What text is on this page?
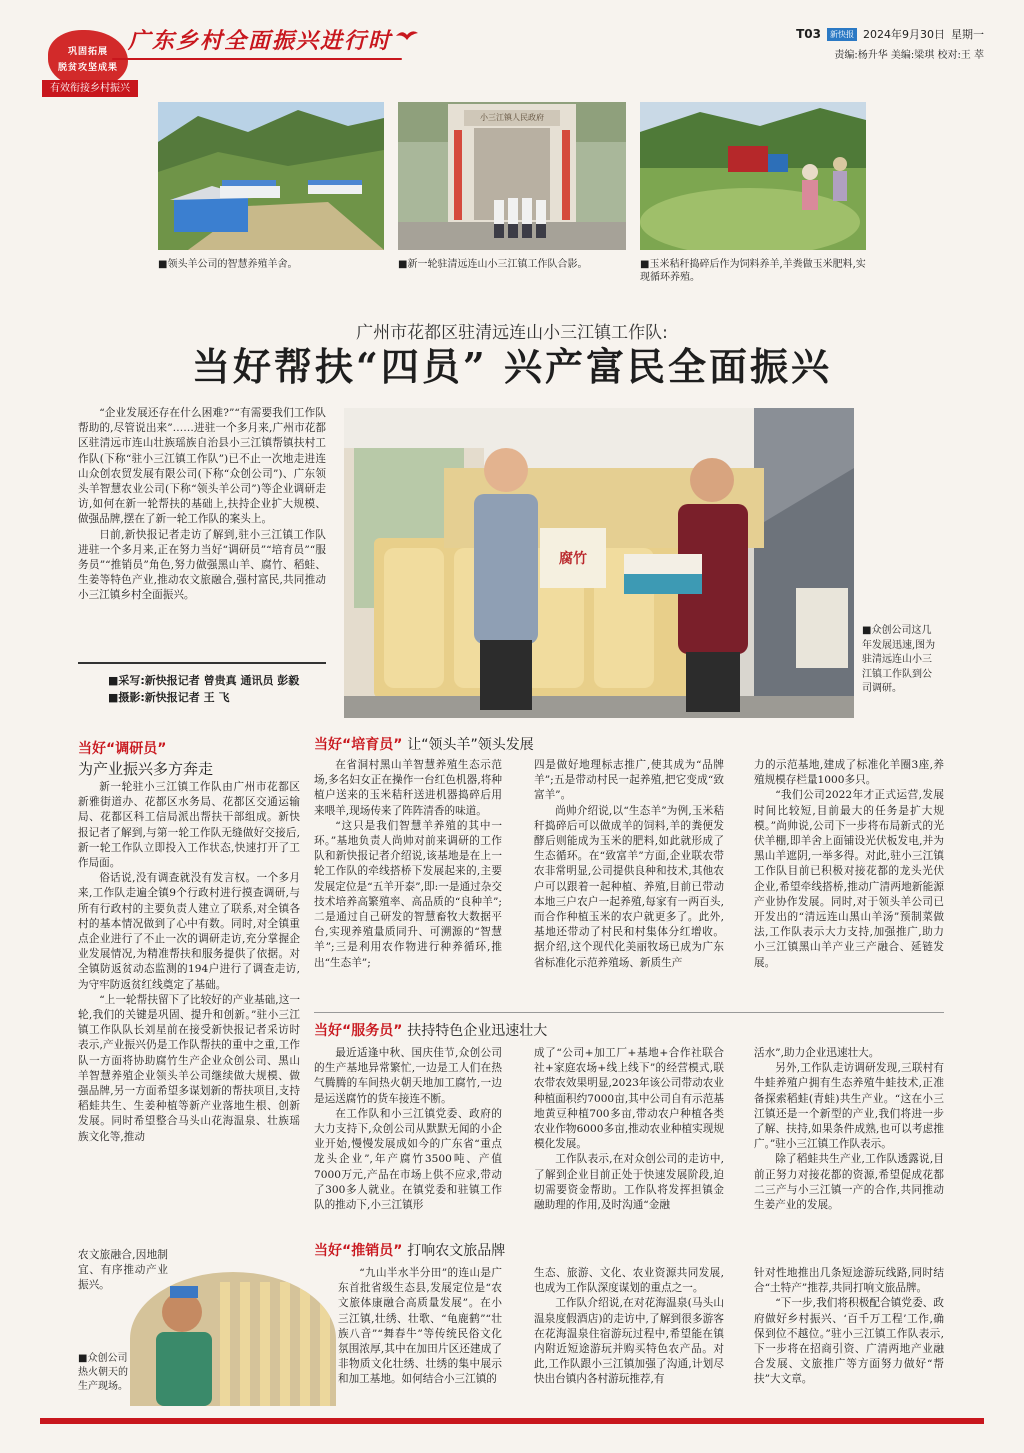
巩固拓展
脱贫攻坚成果
广东乡村全面振兴进行时
有效衔接乡村振兴
T03	新快报 2024年9月30日 星期一
责编:杨升华 美编:梁琪 校对:王 萃
■领头羊公司的智慧养殖羊舍。
小三江镇人民政府
■新一轮驻清远连山小三江镇工作队合影。	■玉米秸秆捣碎后作为饲料养羊,羊粪做玉米肥料,实现循环养殖。
广州市花都区驻清远连山小三江镇工作队:
当好帮扶“四员” 兴产富民全面振兴

“企业发展还存在什么困难?”“有需要我们工作队帮助的,尽管说出来”……进驻一个多月来,广州市花都区驻清远市连山壮族瑶族自治县小三江镇帮镇扶村工作队(下称“驻小三江镇工作队”)已不止一次地走进连山众创农贸发展有限公司(下称“众创公司”)、广东领头羊智慧农业公司(下称“领头羊公司”)等企业调研走访,如何在新一轮帮扶的基础上,扶持企业扩大规模、做强品牌,摆在了新一轮工作队的案头上。

日前,新快报记者走访了解到,驻小三江镇工作队进驻一个多月来,正在努力当好“调研员”“培育员”“服务员”“推销员”角色,努力做强黑山羊、腐竹、稻蛙、生姜等特色产业,推动农文旅融合,强村富民,共同推动小三江镇乡村全面振兴。

■采写:新快报记者 曾贵真 通讯员 彭毅
■摄影:新快报记者 王 飞
腐竹
■众创公司这几年发展迅速,图为驻清远连山小三江镇工作队到公司调研。
当好“调研员”
为产业振兴多方奔走

新一轮驻小三江镇工作队由广州市花都区新雅街道办、花都区水务局、花都区交通运输局、花都区科工信局派出帮扶干部组成。新快报记者了解到,与第一轮工作队无缝做好交接后,新一轮工作队立即投入工作状态,快速打开了工作局面。

俗话说,没有调查就没有发言权。一个多月来,工作队走遍全镇9个行政村进行摸查调研,与所有行政村的主要负责人建立了联系,对全镇各村的基本情况做到了心中有数。同时,对全镇重点企业进行了不止一次的调研走访,充分掌握企业发展情况,为精准帮扶和服务提供了依据。对全镇防返贫动态监测的194户进行了调查走访,为守牢防返贫红线奠定了基础。

“上一轮帮扶留下了比较好的产业基础,这一轮,我们的关键是巩固、提升和创新。”驻小三江镇工作队队长刘星前在接受新快报记者采访时表示,产业振兴仍是工作队帮扶的重中之重,工作队一方面将协助腐竹生产企业众创公司、黑山羊智慧养殖企业领头羊公司继续做大规模、做强品牌,另一方面希望多谋划新的帮扶项目,支持稻蛙共生、生姜种植等新产业落地生根、创新发展。同时希望整合马头山花海温泉、壮族瑶族文化等,推动

农文旅融合,因地制宜、有序推动产业振兴。

■众创公司热火朝天的生产现场。
当好“培育员” 让“领头羊”领头发展

在省洞村黑山羊智慧养殖生态示范场,多名妇女正在操作一台红色机器,将种植户送来的玉米秸秆送进机器捣碎后用来喂羊,现场传来了阵阵清香的味道。

“这只是我们智慧羊养殖的其中一环。”基地负责人尚帅对前来调研的工作队和新快报记者介绍说,该基地是在上一轮工作队的牵线搭桥下发展起来的,主要发展定位是“五羊开泰”,即:一是通过杂交技术培养高繁殖率、高品质的“良种羊”;二是通过自己研发的智慧畜牧大数据平台,实现养殖量质同升、可溯源的“智慧羊”;三是利用农作物进行种养循环,推出“生态羊”;

四是做好地理标志推广,使其成为“品牌羊”;五是带动村民一起养殖,把它变成“致富羊”。

尚帅介绍说,以“生态羊”为例,玉米秸秆捣碎后可以做成羊的饲料,羊的粪便发酵后则能成为玉米的肥料,如此就形成了生态循环。在“致富羊”方面,企业联农带农非常明显,公司提供良种和技术,其他农户可以跟着一起种植、养殖,目前已带动本地三户农户一起养殖,每家有一两百头,而合作种植玉米的农户就更多了。此外,基地还带动了村民和村集体分红增收。据介绍,这个现代化美丽牧场已成为广东省标准化示范养殖场、新质生产

力的示范基地,建成了标准化羊圈3座,养殖规模存栏量1000多只。

“我们公司2022年才正式运营,发展时间比较短,目前最大的任务是扩大规模。”尚帅说,公司下一步将布局新式的光伏羊棚,即羊舍上面铺设光伏板发电,并为黑山羊遮阴,一举多得。对此,驻小三江镇工作队目前已积极对接花都的龙头光伏企业,希望牵线搭桥,推动广清两地新能源产业协作发展。同时,对于领头羊公司已开发出的“清远连山黑山羊汤”预制菜做法,工作队表示大力支持,加强推广,助力小三江镇黑山羊产业三产融合、延链发展。

当好“服务员” 扶持特色企业迅速壮大

最近适逢中秋、国庆佳节,众创公司的生产基地异常繁忙,一边是工人们在热气腾腾的车间热火朝天地加工腐竹,一边是运送腐竹的货车接连不断。

在工作队和小三江镇党委、政府的大力支持下,众创公司从默默无闻的小企业开始,慢慢发展成如今的广东省“重点龙头企业”,年产腐竹3500吨、产值7000万元,产品在市场上供不应求,带动了300多人就业。在镇党委和驻镇工作队的推动下,小三江镇形

成了“公司+加工厂+基地+合作社联合社+家庭农场+线上线下”的经营模式,联农带农效果明显,2023年该公司带动农业种植面积约7000亩,其中公司自有示范基地黄豆种植700多亩,带动农户种植各类农业作物6000多亩,推动农业种植实现规模化发展。

工作队表示,在对众创公司的走访中,了解到企业目前正处于快速发展阶段,迫切需要资金帮助。工作队将发挥担镇金融助理的作用,及时沟通“金融

活水”,助力企业迅速壮大。

另外,工作队走访调研发现,三联村有牛蛙养殖户拥有生态养殖牛蛙技术,正准备探索稻蛙(青蛙)共生产业。“这在小三江镇还是一个新型的产业,我们将进一步了解、扶持,如果条件成熟,也可以考虑推广。”驻小三江镇工作队表示。

除了稻蛙共生产业,工作队透露说,目前正努力对接花都的资源,希望促成花都二三产与小三江镇一产的合作,共同推动生姜产业的发展。

当好“推销员” 打响农文旅品牌

“九山半水半分田”的连山是广东首批省级生态县,发展定位是“农文旅体康融合高质量发展”。在小三江镇,壮绣、壮歌、“龟鹿鹤”“壮族八音”“舞春牛”等传统民俗文化氛围浓厚,其中在加田片区还建成了非物质文化壮绣、壮绣的集中展示和加工基地。如何结合小三江镇的

生态、旅游、文化、农业资源共同发展,也成为工作队深度谋划的重点之一。

工作队介绍说,在对花海温泉(马头山温泉度假酒店)的走访中,了解到很多游客在花海温泉住宿游玩过程中,希望能在镇内附近短途游玩并购买特色农产品。对此,工作队跟小三江镇加强了沟通,计划尽快出台镇内各村游玩推荐,有

针对性地推出几条短途游玩线路,同时结合“土特产”推荐,共同打响文旅品牌。

“下一步,我们将积极配合镇党委、政府做好乡村振兴、‘百千万工程’工作,确保到位不越位。”驻小三江镇工作队表示,下一步将在招商引资、广清两地产业融合发展、文旅推广等方面努力做好“帮扶”大文章。
